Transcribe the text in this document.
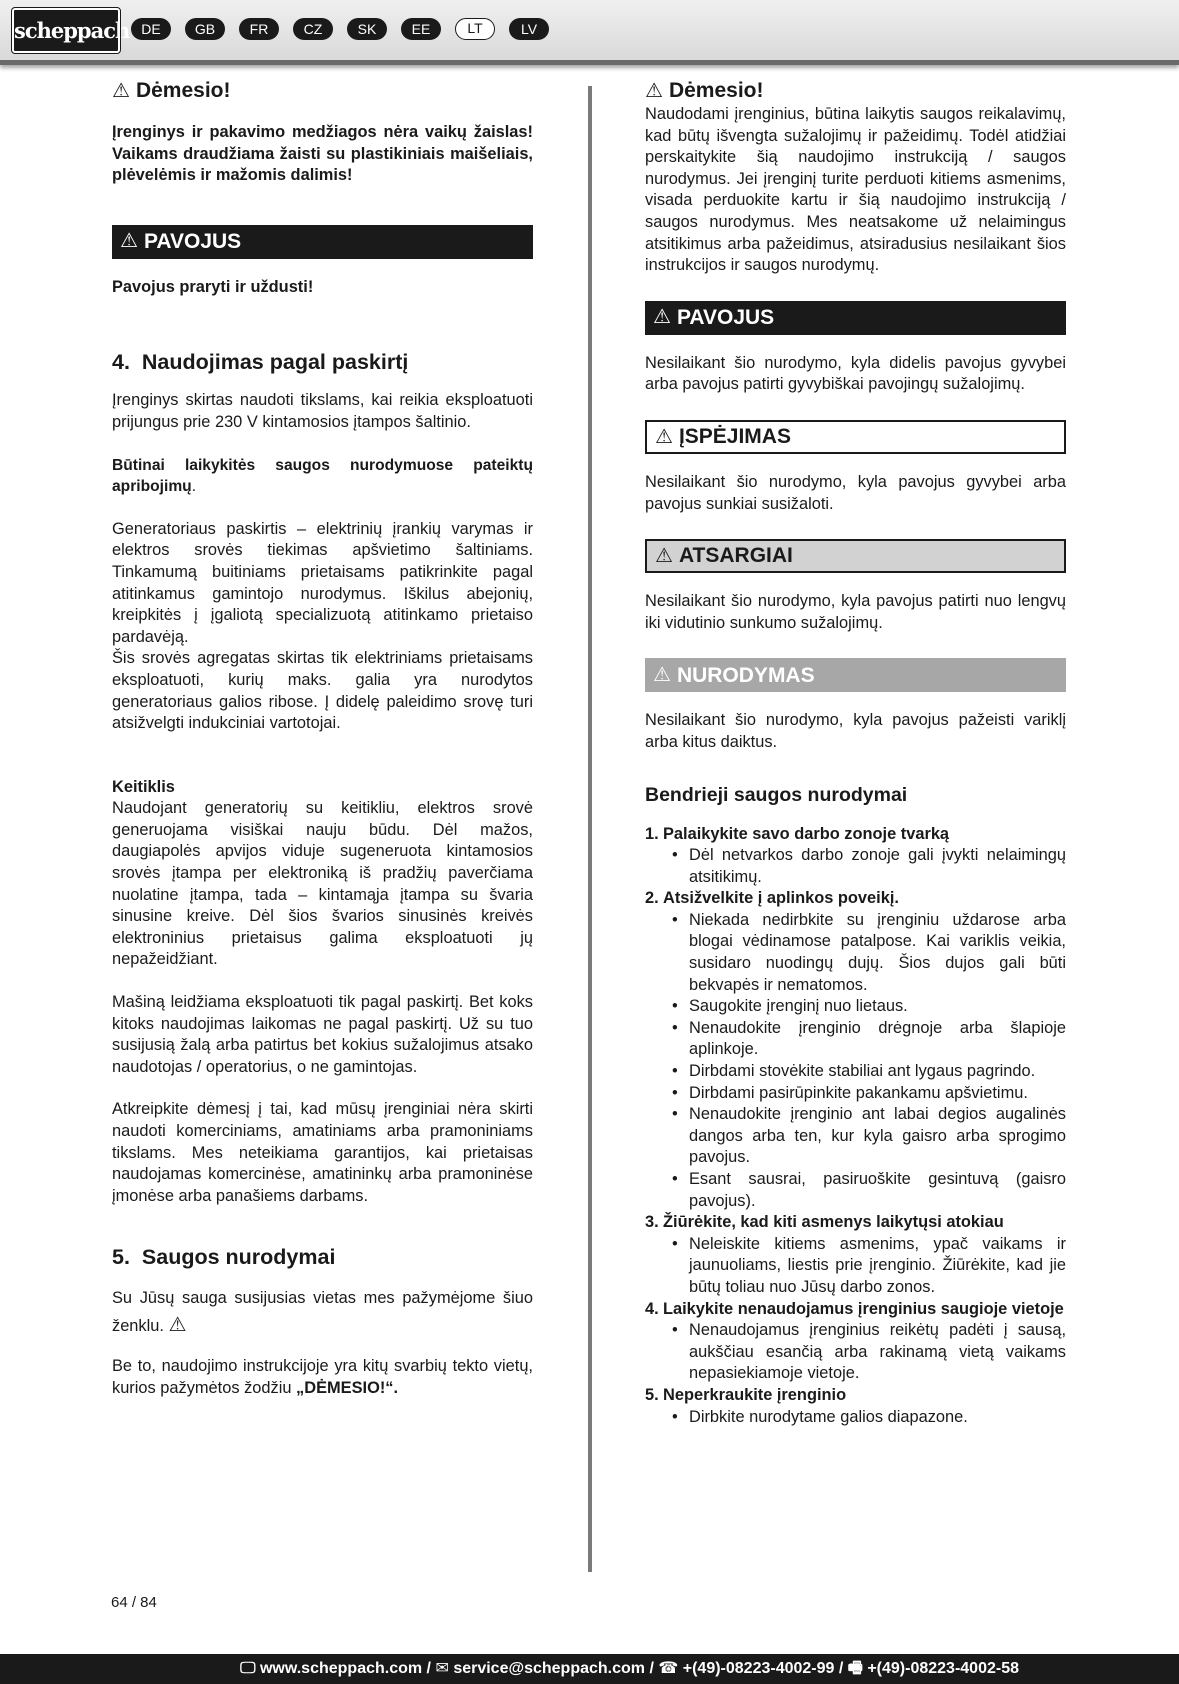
scheppach DE	GB	FR	CZ	SK	EE	LT	LV
⚠ Dėmesio!

Įrenginys ir pakavimo medžiagos nėra vaikų žaislas! Vaikams draudžiama žaisti su plastikiniais maišeliais, plėvelėmis ir mažomis dalimis!

⚠ PAVOJUS

Pavojus praryti ir uždusti!

4. Naudojimas pagal paskirtį

Įrenginys skirtas naudoti tikslams, kai reikia eksploatuoti prijungus prie 230 V kintamosios įtampos šaltinio.

Būtinai laikykitės saugos nurodymuose pateiktų apribojimų.

Generatoriaus paskirtis – elektrinių įrankių varymas ir elektros srovės tiekimas apšvietimo šaltiniams. Tinkamumą buitiniams prietaisams patikrinkite pagal atitinkamus gamintojo nurodymus. Iškilus abejonių, kreipkitės į įgaliotą specializuotą atitinkamo prietaiso pardavėją.

Šis srovės agregatas skirtas tik elektriniams prietaisams eksploatuoti, kurių maks. galia yra nurodytos generatoriaus galios ribose. Į didelę paleidimo srovę turi atsižvelgti indukciniai vartotojai.

Keitiklis

Naudojant generatorių su keitikliu, elektros srovė generuojama visiškai nauju būdu. Dėl mažos, daugiapolės apvijos viduje sugeneruota kintamosios srovės įtampa per elektroniką iš pradžių paverčiama nuolatine įtampa, tada – kintamąja įtampa su švaria sinusine kreive. Dėl šios švarios sinusinės kreivės elektroninius prietaisus galima eksploatuoti jų nepažeidžiant.

Mašiną leidžiama eksploatuoti tik pagal paskirtį. Bet koks kitoks naudojimas laikomas ne pagal paskirtį. Už su tuo susijusią žalą arba patirtus bet kokius sužalojimus atsako naudotojas / operatorius, o ne gamintojas.

Atkreipkite dėmesį į tai, kad mūsų įrenginiai nėra skirti naudoti komerciniams, amatiniams arba pramoniniams tikslams. Mes neteikiama garantijos, kai prietaisas naudojamas komercinėse, amatininkų arba pramoninėse įmonėse arba panašiems darbams.

5. Saugos nurodymai

Su Jūsų sauga susijusias vietas mes pažymėjome šiuo ženklu. ⚠

Be to, naudojimo instrukcijoje yra kitų svarbių tekto vietų, kurios pažymėtos žodžiu „DĖMESIO!“.

⚠ Dėmesio!

Naudodami įrenginius, būtina laikytis saugos reikalavimų, kad būtų išvengta sužalojimų ir pažeidimų. Todėl atidžiai perskaitykite šią naudojimo instrukciją / saugos nurodymus. Jei įrenginį turite perduoti kitiems asmenims, visada perduokite kartu ir šią naudojimo instrukciją / saugos nurodymus. Mes neatsakome už nelaimingus atsitikimus arba pažeidimus, atsiradusius nesilaikant šios instrukcijos ir saugos nurodymų.

⚠ PAVOJUS

Nesilaikant šio nurodymo, kyla didelis pavojus gyvybei arba pavojus patirti gyvybiškai pavojingų sužalojimų.

⚠ ĮSPĖJIMAS

Nesilaikant šio nurodymo, kyla pavojus gyvybei arba pavojus sunkiai susižaloti.

⚠ ATSARGIAI

Nesilaikant šio nurodymo, kyla pavojus patirti nuo lengvų iki vidutinio sunkumo sužalojimų.

⚠ NURODYMAS

Nesilaikant šio nurodymo, kyla pavojus pažeisti variklį arba kitus daiktus.

Bendrieji saugos nurodymai
1. Palaikykite savo darbo zonoje tvarką
• Dėl netvarkos darbo zonoje gali įvykti nelaimingų atsitikimų.
2. Atsižvelkite į aplinkos poveikį.
• Niekada nedirbkite su įrenginiu uždarose arba blogai vėdinamose patalpose. Kai variklis veikia, susidaro nuodingų dujų. Šios dujos gali būti bekvapės ir nematomos.
• Saugokite įrenginį nuo lietaus.
• Nenaudokite įrenginio drėgnoje arba šlapioje aplinkoje.
• Dirbdami stovėkite stabiliai ant lygaus pagrindo.
• Dirbdami pasirūpinkite pakankamu apšvietimu.
• Nenaudokite įrenginio ant labai degios augalinės dangos arba ten, kur kyla gaisro arba sprogimo pavojus.
• Esant sausrai, pasiruoškite gesintuvą (gaisro pavojus).
3. Žiūrėkite, kad kiti asmenys laikytųsi atokiau
• Neleiskite kitiems asmenims, ypač vaikams ir jaunuoliams, liestis prie įrenginio. Žiūrėkite, kad jie būtų toliau nuo Jūsų darbo zonos.
4. Laikykite nenaudojamus įrenginius saugioje vietoje
• Nenaudojamus įrenginius reikėtų padėti į sausą, aukščiau esančią arba rakinamą vietą vaikams nepasiekiamoje vietoje.
5. Neperkraukite įrenginio
• Dirbkite nurodytame galios diapazone.
64 / 84
🖵 www.scheppach.com / ✉ service@scheppach.com / ☎ +(49)-08223-4002-99 / 🖷 +(49)-08223-4002-58
